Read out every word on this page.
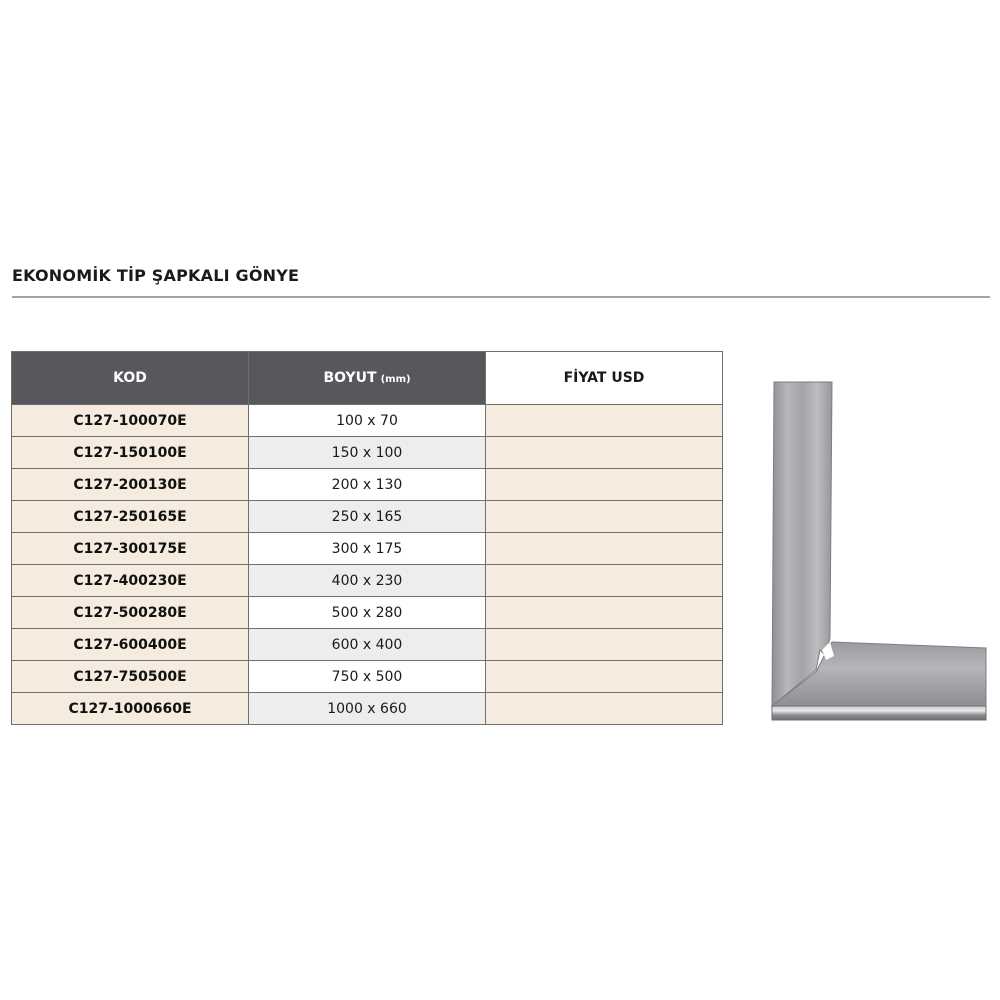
EKONOMİK TİP ŞAPKALI GÖNYE
KOD	BOYUT (mm)	FİYAT USD
C127-100070E	100 x 70	
C127-150100E	150 x 100	
C127-200130E	200 x 130	
C127-250165E	250 x 165	
C127-300175E	300 x 175	
C127-400230E	400 x 230	
C127-500280E	500 x 280	
C127-600400E	600 x 400	
C127-750500E	750 x 500	
C127-1000660E	1000 x 660	
